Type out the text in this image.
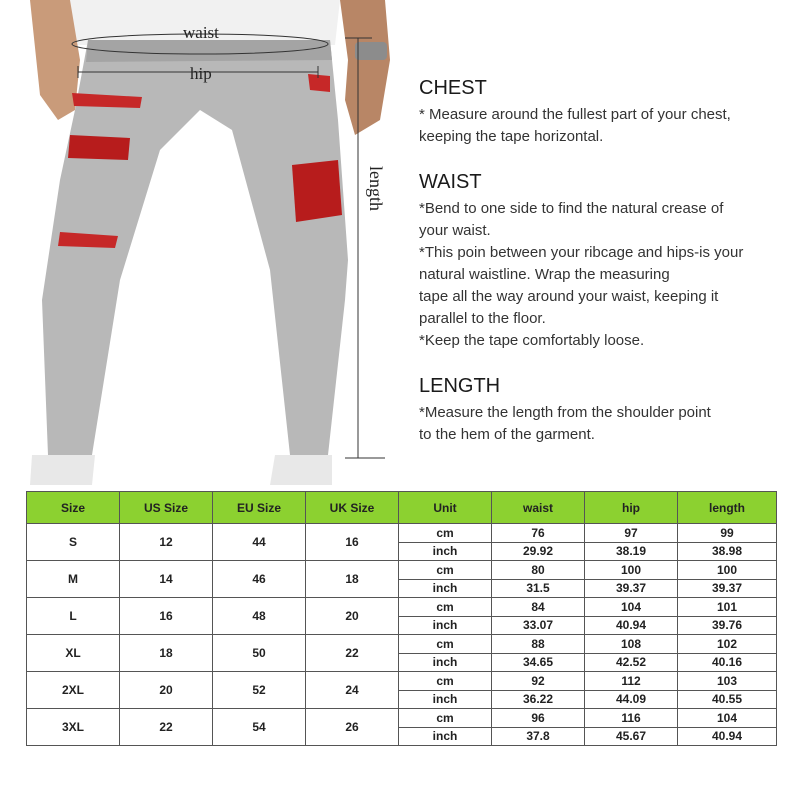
waist
hip
length

CHEST

* Measure around the fullest part of your chest,

keeping the tape horizontal.

WAIST

*Bend to one side to find the natural crease of

your waist.

*This poin between your ribcage and hips-is your

natural waistline. Wrap the measuring

tape all the way around your waist, keeping it

parallel to the floor.

*Keep the tape comfortably loose.

LENGTH

*Measure the length from the shoulder point

to the hem of the garment.

Size	US Size	EU Size	UK Size	Unit	waist	hip	length
S	12	44	16	cm	76	97	99
				inch	29.92	38.19	38.98
M	14	46	18	cm	80	100	100
				inch	31.5	39.37	39.37
L	16	48	20	cm	84	104	101
				inch	33.07	40.94	39.76
XL	18	50	22	cm	88	108	102
				inch	34.65	42.52	40.16
2XL	20	52	24	cm	92	112	103
				inch	36.22	44.09	40.55
3XL	22	54	26	cm	96	116	104
				inch	37.8	45.67	40.94
